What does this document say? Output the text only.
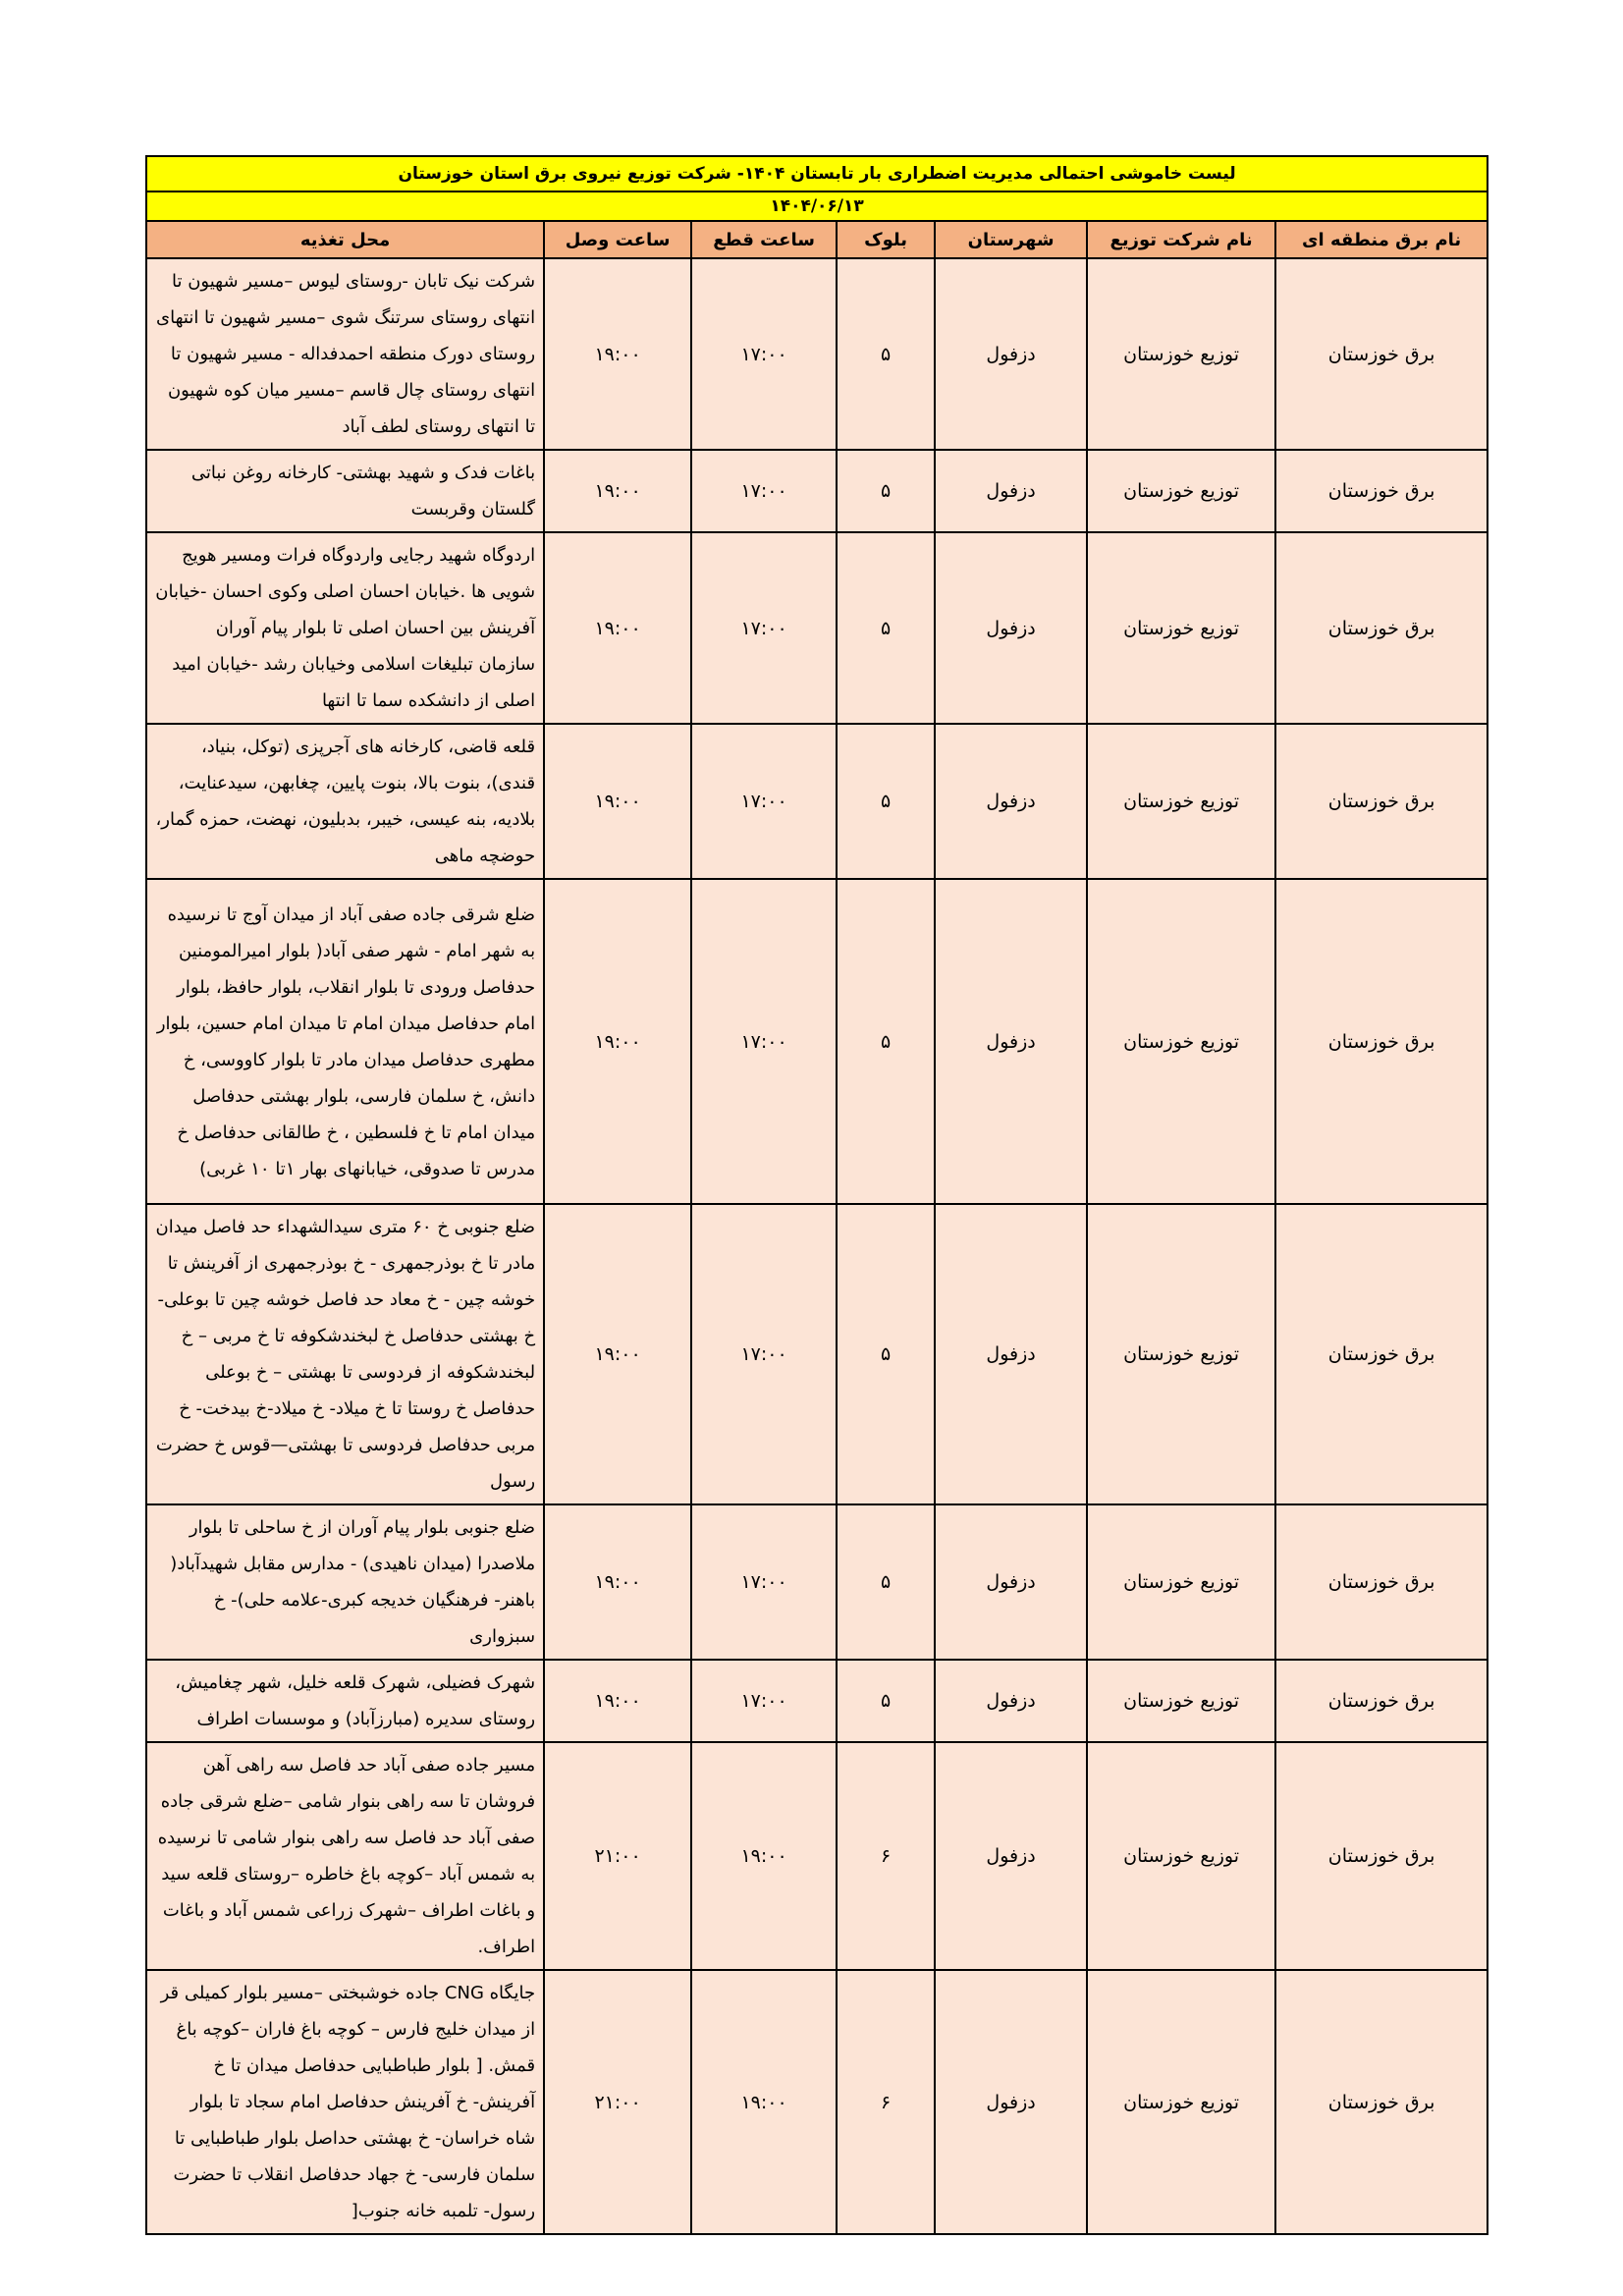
لیست خاموشی احتمالی مدیریت اضطراری بار تابستان ۱۴۰۴- شرکت توزیع نیروی برق استان خوزستان						
۱۴۰۴/۰۶/۱۳						
نام برق منطقه ای	نام شرکت توزیع	شهرستان	بلوک	ساعت قطع	ساعت وصل	محل تغذیه
برق خوزستان	توزیع خوزستان	دزفول	۵	۱۷:۰۰	۱۹:۰۰	شرکت نیک تابان -روستای لیوس –مسیر شهیون تا انتهای روستای سرتنگ شوی –مسیر شهیون تا انتهای روستای دورک منطقه احمدفداله - مسیر شهیون تا انتهای روستای چال قاسم –مسیر میان کوه شهیون تا انتهای روستای لطف آباد
برق خوزستان	توزیع خوزستان	دزفول	۵	۱۷:۰۰	۱۹:۰۰	باغات فدک و شهید بهشتی- کارخانه روغن نباتی گلستان وقربست
برق خوزستان	توزیع خوزستان	دزفول	۵	۱۷:۰۰	۱۹:۰۰	اردوگاه شهید رجایی واردوگاه فرات ومسیر هویج شویی ها .خیابان احسان اصلی وکوی احسان -خیابان آفرینش بین احسان اصلی تا بلوار پیام آوران سازمان تبلیغات اسلامی وخیابان رشد -خیابان امید اصلی از دانشکده سما تا انتها
برق خوزستان	توزیع خوزستان	دزفول	۵	۱۷:۰۰	۱۹:۰۰	قلعه قاضی، کارخانه های آجرپزی (توکل، بنیاد، قندی)، بنوت بالا، بنوت پایین، چغابهن، سیدعنایت، بلادیه، بنه عیسی، خیبر، بدبلیون، نهضت، حمزه گمار، حوضچه ماهی
برق خوزستان	توزیع خوزستان	دزفول	۵	۱۷:۰۰	۱۹:۰۰	ضلع شرقی جاده صفی آباد از میدان آوج تا نرسیده به شهر امام - شهر صفی آباد( بلوار امیرالمومنین حدفاصل ورودی تا بلوار انقلاب، بلوار حافظ، بلوار امام حدفاصل میدان امام تا میدان امام حسین، بلوار مطهری حدفاصل میدان مادر تا بلوار کاووسی، خ دانش، خ سلمان فارسی، بلوار بهشتی حدفاصل میدان امام تا خ فلسطین ، خ طالقانی حدفاصل خ مدرس تا صدوقی، خیابانهای بهار ۱تا ۱۰ غربی)
برق خوزستان	توزیع خوزستان	دزفول	۵	۱۷:۰۰	۱۹:۰۰	ضلع جنوبی خ ۶۰ متری سیدالشهداء حد فاصل میدان مادر تا خ بوذرجمهری - خ بوذرجمهری از آفرینش تا خوشه چین - خ معاد حد فاصل خوشه چین تا بوعلی- خ بهشتی حدفاصل خ لبخندشکوفه تا خ مربی – خ لبخندشکوفه از فردوسی تا بهشتی – خ بوعلی حدفاصل خ روستا تا خ میلاد- خ میلاد-خ بیدخت- خ مربی حدفاصل فردوسی تا بهشتی—قوس خ حضرت رسول
برق خوزستان	توزیع خوزستان	دزفول	۵	۱۷:۰۰	۱۹:۰۰	ضلع جنوبی بلوار پیام آوران از خ ساحلی تا بلوار ملاصدرا (میدان ناهیدی) - مدارس مقابل شهیدآباد( باهنر- فرهنگیان خدیجه کبری-علامه حلی)- خ سبزواری
برق خوزستان	توزیع خوزستان	دزفول	۵	۱۷:۰۰	۱۹:۰۰	شهرک فضیلی، شهرک قلعه خلیل، شهر چغامیش، روستای سدیره (مبارزآباد) و موسسات اطراف
برق خوزستان	توزیع خوزستان	دزفول	۶	۱۹:۰۰	۲۱:۰۰	مسیر جاده صفی آباد حد فاصل سه راهی آهن فروشان تا سه راهی بنوار شامی –ضلع شرقی جاده صفی آباد حد فاصل سه راهی بنوار شامی تا نرسیده به شمس آباد –کوچه باغ خاطره –روستای قلعه سید و باغات اطراف –شهرک زراعی شمس آباد و باغات اطراف.
برق خوزستان	توزیع خوزستان	دزفول	۶	۱۹:۰۰	۲۱:۰۰	جایگاه CNG جاده خوشبختی –مسیر بلوار کمیلی قر از میدان خلیج فارس – کوچه باغ فاران –کوچه باغ قمش. [ بلوار طباطبایی حدفاصل میدان تا خ آفرینش- خ آفرینش حدفاصل امام سجاد تا بلوار شاه خراسان- خ بهشتی حداصل بلوار طباطبایی تا سلمان فارسی- خ جهاد حدفاصل انقلاب تا حضرت رسول- تلمبه خانه جنوب[
